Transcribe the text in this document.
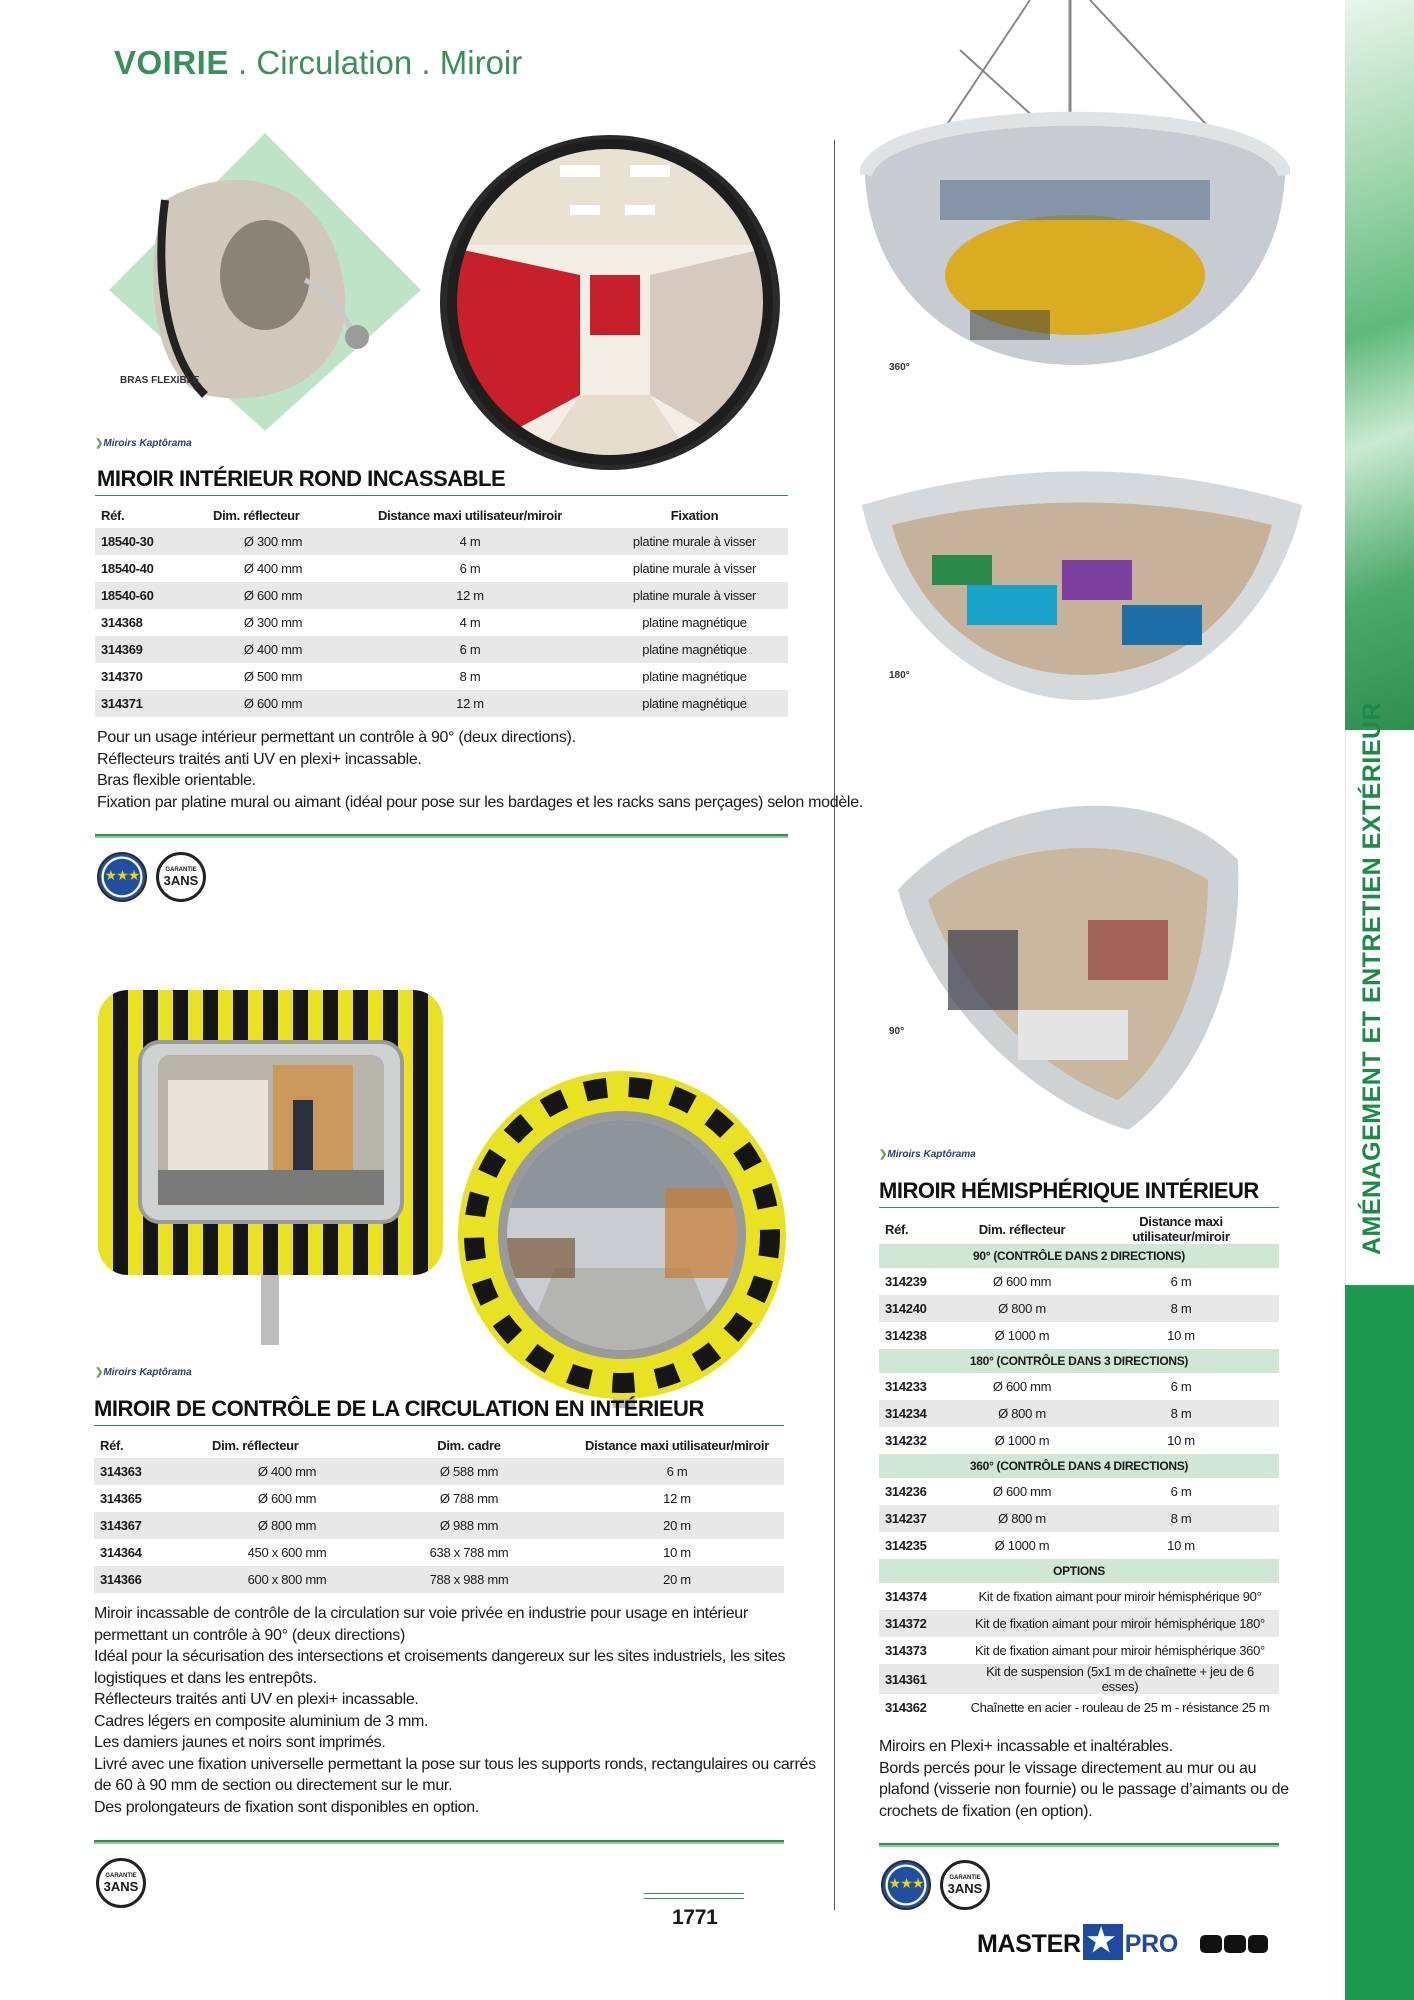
VOIRIE . Circulation . Miroir
BRAS FLEXIBLE
❯ Miroirs Kaptôrama
MIROIR INTÉRIEUR ROND INCASSABLE
Réf.	Dim. réflecteur	Distance maxi utilisateur/miroir	Fixation
18540-30	Ø 300 mm	4 m	platine murale à visser
18540-40	Ø 400 mm	6 m	platine murale à visser
18540-60	Ø 600 mm	12 m	platine murale à visser
314368	Ø 300 mm	4 m	platine magnétique
314369	Ø 400 mm	6 m	platine magnétique
314370	Ø 500 mm	8 m	platine magnétique
314371	Ø 600 mm	12 m	platine magnétique
Pour un usage intérieur permettant un contrôle à 90° (deux directions).
Réflecteurs traités anti UV en plexi+ incassable.
Bras flexible orientable.
Fixation par platine mural ou aimant (idéal pour pose sur les bardages et les racks sans perçages) selon modèle.
★★★	GARANTIE
3ANS
❯ Miroirs Kaptôrama
MIROIR DE CONTRÔLE DE LA CIRCULATION EN INTÉRIEUR
Réf.	Dim. réflecteur	Dim. cadre	Distance maxi utilisateur/miroir
314363	Ø 400 mm	Ø 588 mm	6 m
314365	Ø 600 mm	Ø 788 mm	12 m
314367	Ø 800 mm	Ø 988 mm	20 m
314364	450 x 600 mm	638 x 788 mm	10 m
314366	600 x 800 mm	788 x 988 mm	20 m
Miroir incassable de contrôle de la circulation sur voie privée en industrie pour usage en intérieur
permettant un contrôle à 90° (deux directions)
Idéal pour la sécurisation des intersections et croisements dangereux sur les sites industriels, les sites
logistiques et dans les entrepôts.
Réflecteurs traités anti UV en plexi+ incassable.
Cadres légers en composite aluminium de 3 mm.
Les damiers jaunes et noirs sont imprimés.
Livré avec une fixation universelle permettant la pose sur tous les supports ronds, rectangulaires ou carrés
de 60 à 90 mm de section ou directement sur le mur.
Des prolongateurs de fixation sont disponibles en option.
GARANTIE
3ANS
360°
180°
90°
❯ Miroirs Kaptôrama
MIROIR HÉMISPHÉRIQUE INTÉRIEUR
Réf.	Dim. réflecteur	Distance maxi utilisateur/miroir
90° (CONTRÔLE DANS 2 DIRECTIONS)		
314239	Ø 600 mm	6 m
314240	Ø 800 m	8 m
314238	Ø 1000 m	10 m
180° (CONTRÔLE DANS 3 DIRECTIONS)		
314233	Ø 600 mm	6 m
314234	Ø 800 m	8 m
314232	Ø 1000 m	10 m
360° (CONTRÔLE DANS 4 DIRECTIONS)		
314236	Ø 600 mm	6 m
314237	Ø 800 m	8 m
314235	Ø 1000 m	10 m
OPTIONS		
314374	Kit de fixation aimant pour miroir hémisphérique 90°	
314372	Kit de fixation aimant pour miroir hémisphérique 180°	
314373	Kit de fixation aimant pour miroir hémisphérique 360°	
314361	Kit de suspension (5x1 m de chaînette + jeu de 6 esses)	
314362	Chaînette en acier - rouleau de 25 m - résistance 25 m	
Miroirs en Plexi+ incassable et inaltérables.
Bords percés pour le vissage directement au mur ou au
plafond (visserie non fournie) ou le passage d’aimants ou de
crochets de fixation (en option).
★★★	GARANTIE
3ANS
1771
MASTER ★ PRO
